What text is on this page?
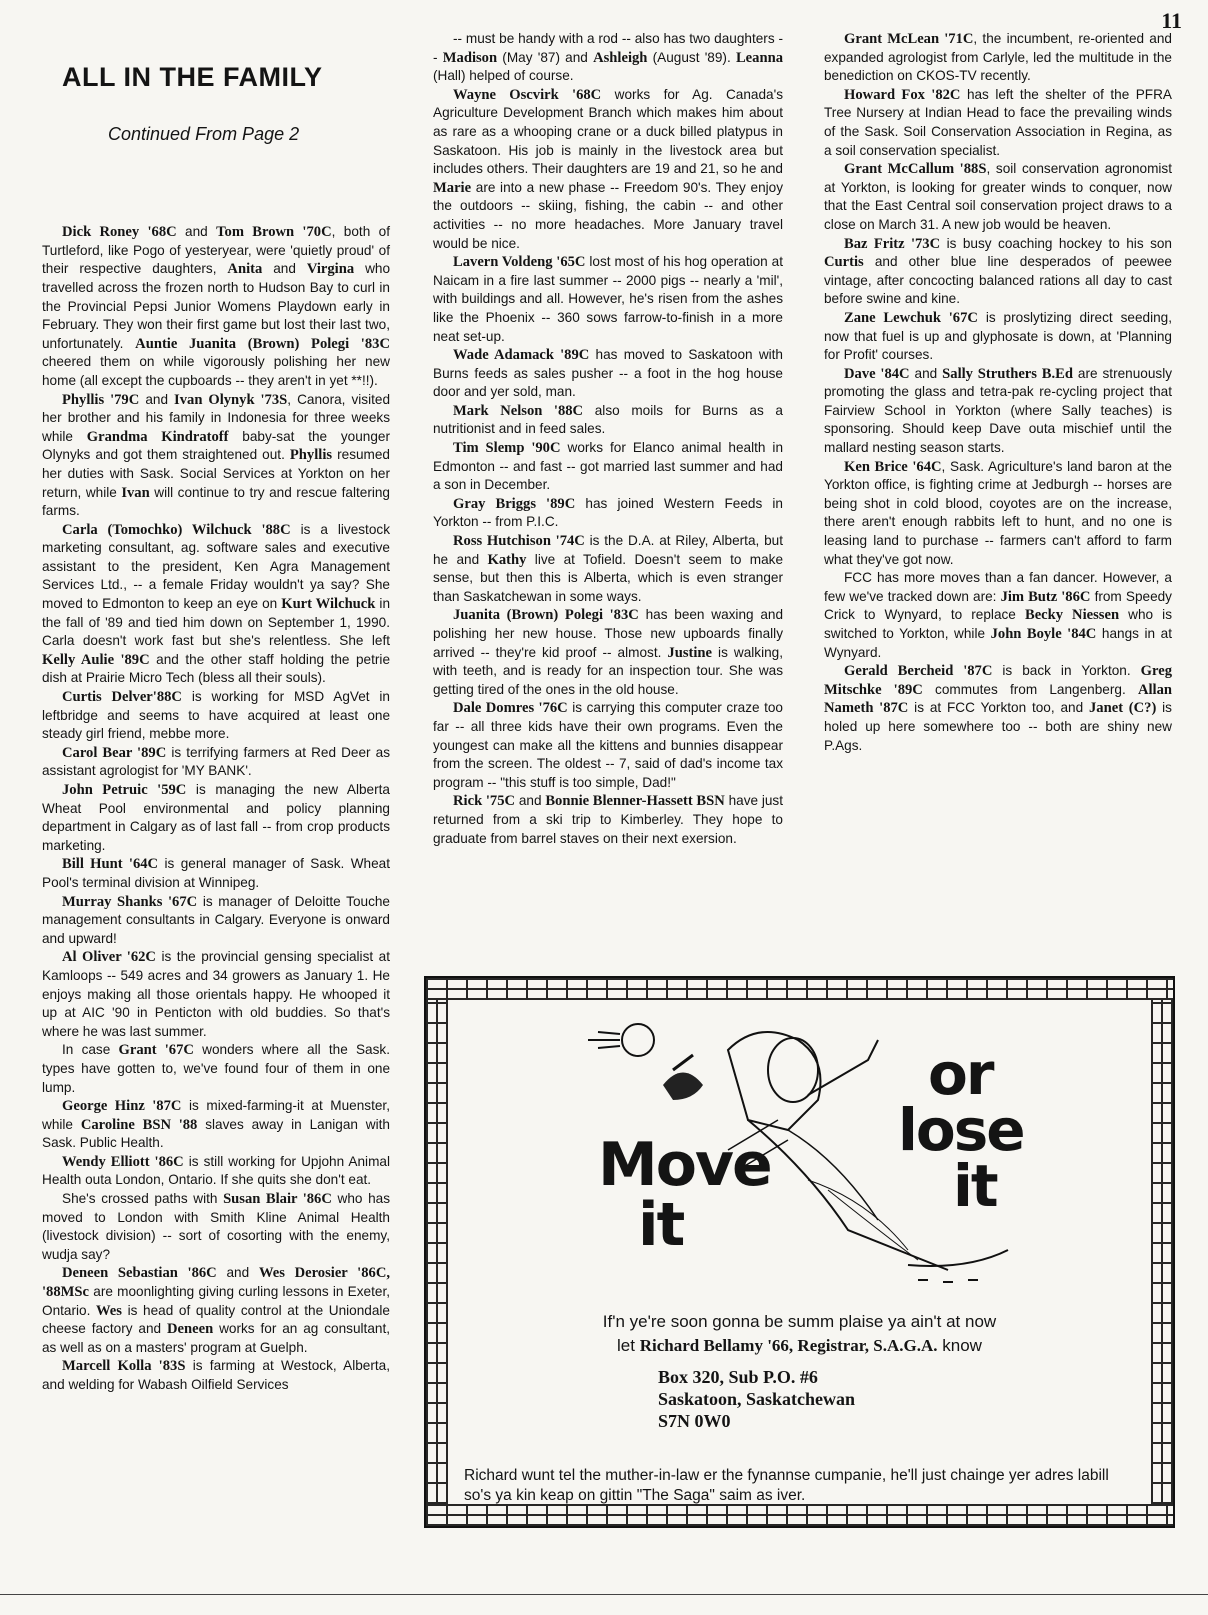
11
ALL IN THE FAMILY
Continued From Page 2

Dick Roney '68C and Tom Brown '70C, both of Turtleford, like Pogo of yesteryear, were 'quietly proud' of their respective daughters, Anita and Virgina who travelled across the frozen north to Hudson Bay to curl in the Provincial Pepsi Junior Womens Playdown early in February. They won their first game but lost their last two, unfortunately. Auntie Juanita (Brown) Polegi '83C cheered them on while vigorously polishing her new home (all except the cupboards -- they aren't in yet **!!).

Phyllis '79C and Ivan Olynyk '73S, Canora, visited her brother and his family in Indonesia for three weeks while Grandma Kindratoff baby-sat the younger Olynyks and got them straightened out. Phyllis resumed her duties with Sask. Social Services at Yorkton on her return, while Ivan will continue to try and rescue faltering farms.

Carla (Tomochko) Wilchuck '88C is a livestock marketing consultant, ag. software sales and executive assistant to the president, Ken Agra Management Services Ltd., -- a female Friday wouldn't ya say? She moved to Edmonton to keep an eye on Kurt Wilchuck in the fall of '89 and tied him down on September 1, 1990. Carla doesn't work fast but she's relentless. She left Kelly Aulie '89C and the other staff holding the petrie dish at Prairie Micro Tech (bless all their souls).

Curtis Delver'88C is working for MSD AgVet in leftbridge and seems to have acquired at least one steady girl friend, mebbe more.

Carol Bear '89C is terrifying farmers at Red Deer as assistant agrologist for 'MY BANK'.

John Petruic '59C is managing the new Alberta Wheat Pool environmental and policy planning department in Calgary as of last fall -- from crop products marketing.

Bill Hunt '64C is general manager of Sask. Wheat Pool's terminal division at Winnipeg.

Murray Shanks '67C is manager of Deloitte Touche management consultants in Calgary. Everyone is onward and upward!

Al Oliver '62C is the provincial gensing specialist at Kamloops -- 549 acres and 34 growers as January 1. He enjoys making all those orientals happy. He whooped it up at AIC '90 in Penticton with old buddies. So that's where he was last summer.

In case Grant '67C wonders where all the Sask. types have gotten to, we've found four of them in one lump.

George Hinz '87C is mixed-farming-it at Muenster, while Caroline BSN '88 slaves away in Lanigan with Sask. Public Health.

Wendy Elliott '86C is still working for Upjohn Animal Health outa London, Ontario. If she quits she don't eat.

She's crossed paths with Susan Blair '86C who has moved to London with Smith Kline Animal Health (livestock division) -- sort of cosorting with the enemy, wudja say?

Deneen Sebastian '86C and Wes Derosier '86C, '88MSc are moonlighting giving curling lessons in Exeter, Ontario. Wes is head of quality control at the Uniondale cheese factory and Deneen works for an ag consultant, as well as on a masters' program at Guelph.

Marcell Kolla '83S is farming at Westock, Alberta, and welding for Wabash Oilfield Services

-- must be handy with a rod -- also has two daughters -- Madison (May '87) and Ashleigh (August '89). Leanna (Hall) helped of course.

Wayne Oscvirk '68C works for Ag. Canada's Agriculture Development Branch which makes him about as rare as a whooping crane or a duck billed platypus in Saskatoon. His job is mainly in the livestock area but includes others. Their daughters are 19 and 21, so he and Marie are into a new phase -- Freedom 90's. They enjoy the outdoors -- skiing, fishing, the cabin -- and other activities -- no more headaches. More January travel would be nice.

Lavern Voldeng '65C lost most of his hog operation at Naicam in a fire last summer -- 2000 pigs -- nearly a 'mil', with buildings and all. However, he's risen from the ashes like the Phoenix -- 360 sows farrow-to-finish in a more neat set-up.

Wade Adamack '89C has moved to Saskatoon with Burns feeds as sales pusher -- a foot in the hog house door and yer sold, man.

Mark Nelson '88C also moils for Burns as a nutritionist and in feed sales.

Tim Slemp '90C works for Elanco animal health in Edmonton -- and fast -- got married last summer and had a son in December.

Gray Briggs '89C has joined Western Feeds in Yorkton -- from P.I.C.

Ross Hutchison '74C is the D.A. at Riley, Alberta, but he and Kathy live at Tofield. Doesn't seem to make sense, but then this is Alberta, which is even stranger than Saskatchewan in some ways.

Juanita (Brown) Polegi '83C has been waxing and polishing her new house. Those new upboards finally arrived -- they're kid proof -- almost. Justine is walking, with teeth, and is ready for an inspection tour. She was getting tired of the ones in the old house.

Dale Domres '76C is carrying this computer craze too far -- all three kids have their own programs. Even the youngest can make all the kittens and bunnies disappear from the screen. The oldest -- 7, said of dad's income tax program -- "this stuff is too simple, Dad!"

Rick '75C and Bonnie Blenner-Hassett BSN have just returned from a ski trip to Kimberley. They hope to graduate from barrel staves on their next exersion.

Grant McLean '71C, the incumbent, re-oriented and expanded agrologist from Carlyle, led the multitude in the benediction on CKOS-TV recently.

Howard Fox '82C has left the shelter of the PFRA Tree Nursery at Indian Head to face the prevailing winds of the Sask. Soil Conservation Association in Regina, as a soil conservation specialist.

Grant McCallum '88S, soil conservation agronomist at Yorkton, is looking for greater winds to conquer, now that the East Central soil conservation project draws to a close on March 31. A new job would be heaven.

Baz Fritz '73C is busy coaching hockey to his son Curtis and other blue line desperados of peewee vintage, after concocting balanced rations all day to cast before swine and kine.

Zane Lewchuk '67C is proslytizing direct seeding, now that fuel is up and glyphosate is down, at 'Planning for Profit' courses.

Dave '84C and Sally Struthers B.Ed are strenuously promoting the glass and tetra-pak re-cycling project that Fairview School in Yorkton (where Sally teaches) is sponsoring. Should keep Dave outa mischief until the mallard nesting season starts.

Ken Brice '64C, Sask. Agriculture's land baron at the Yorkton office, is fighting crime at Jedburgh -- horses are being shot in cold blood, coyotes are on the increase, there aren't enough rabbits left to hunt, and no one is leasing land to purchase -- farmers can't afford to farm what they've got now.

FCC has more moves than a fan dancer. However, a few we've tracked down are: Jim Butz '86C from Speedy Crick to Wynyard, to replace Becky Niessen who is switched to Yorkton, while John Boyle '84C hangs in at Wynyard.

Gerald Bercheid '87C is back in Yorkton. Greg Mitschke '89C commutes from Langenberg. Allan Nameth '87C is at FCC Yorkton too, and Janet (C?) is holed up here somewhere too -- both are shiny new P.Ags.

Move
it
or
lose
it
If'n ye're soon gonna be summ plaise ya ain't at now
let Richard Bellamy '66, Registrar, S.A.G.A. know
Box 320, Sub P.O. #6
Saskatoon, Saskatchewan
S7N 0W0
Richard wunt tel the muther-in-law er the fynannse cumpanie, he'll just chainge yer adres labill so's ya kin keap on gittin "The Saga" saim as iver.
